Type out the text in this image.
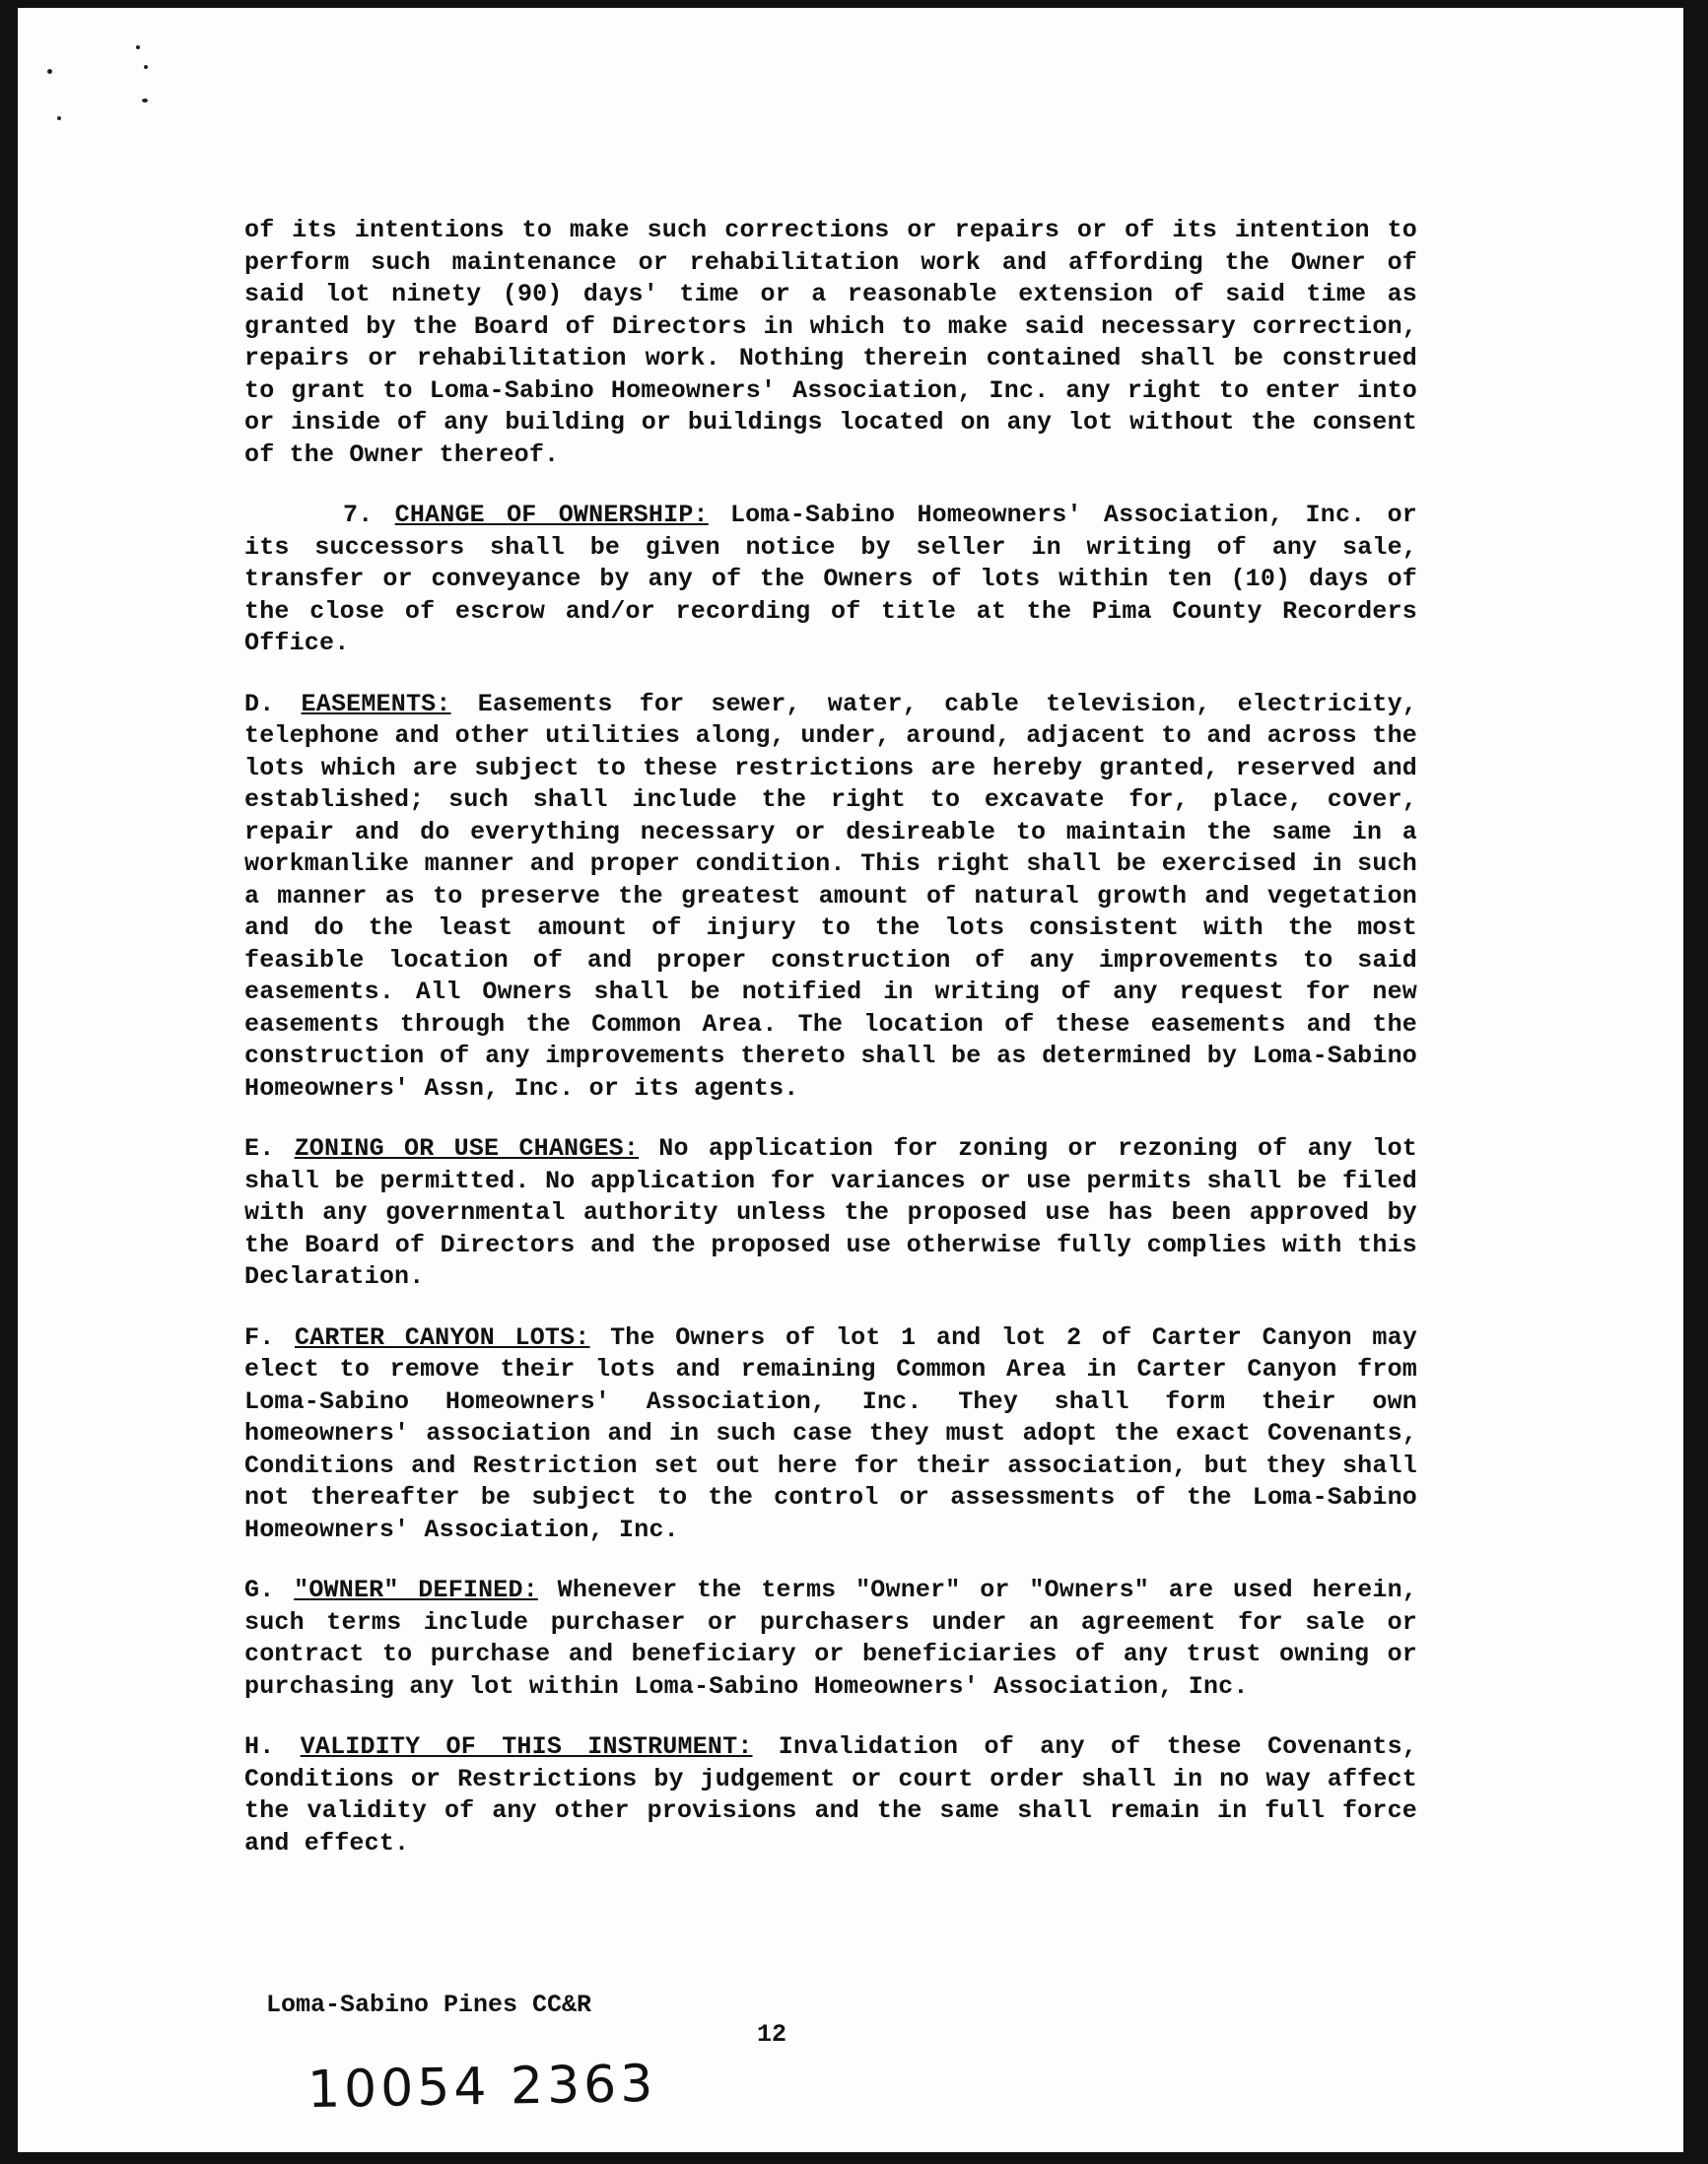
of its intentions to make such corrections or repairs or of its intention to perform such maintenance or rehabilitation work and affording the Owner of said lot ninety (90) days' time or a reasonable extension of said time as granted by the Board of Directors in which to make said necessary correction, repairs or rehabilitation work. Nothing therein contained shall be construed to grant to Loma-Sabino Homeowners' Association, Inc. any right to enter into or inside of any building or buildings located on any lot without the consent of the Owner thereof.

7. CHANGE OF OWNERSHIP: Loma-Sabino Homeowners' Association, Inc. or its successors shall be given notice by seller in writing of any sale, transfer or conveyance by any of the Owners of lots within ten (10) days of the close of escrow and/or recording of title at the Pima County Recorders Office.

D. EASEMENTS: Easements for sewer, water, cable television, electricity, telephone and other utilities along, under, around, adjacent to and across the lots which are subject to these restrictions are hereby granted, reserved and established; such shall include the right to excavate for, place, cover, repair and do everything necessary or desireable to maintain the same in a workmanlike manner and proper condition. This right shall be exercised in such a manner as to preserve the greatest amount of natural growth and vegetation and do the least amount of injury to the lots consistent with the most feasible location of and proper construction of any improvements to said easements. All Owners shall be notified in writing of any request for new easements through the Common Area. The location of these easements and the construction of any improvements thereto shall be as determined by Loma-Sabino Homeowners' Assn, Inc. or its agents.

E. ZONING OR USE CHANGES: No application for zoning or rezoning of any lot shall be permitted. No application for variances or use permits shall be filed with any governmental authority unless the proposed use has been approved by the Board of Directors and the proposed use otherwise fully complies with this Declaration.

F. CARTER CANYON LOTS: The Owners of lot 1 and lot 2 of Carter Canyon may elect to remove their lots and remaining Common Area in Carter Canyon from Loma-Sabino Homeowners' Association, Inc. They shall form their own homeowners' association and in such case they must adopt the exact Covenants, Conditions and Restriction set out here for their association, but they shall not thereafter be subject to the control or assessments of the Loma-Sabino Homeowners' Association, Inc.

G. "OWNER" DEFINED: Whenever the terms "Owner" or "Owners" are used herein, such terms include purchaser or purchasers under an agreement for sale or contract to purchase and beneficiary or beneficiaries of any trust owning or purchasing any lot within Loma-Sabino Homeowners' Association, Inc.

H. VALIDITY OF THIS INSTRUMENT: Invalidation of any of these Covenants, Conditions or Restrictions by judgement or court order shall in no way affect the validity of any other provisions and the same shall remain in full force and effect.

Loma-Sabino Pines CC&R
12
10054 2363
